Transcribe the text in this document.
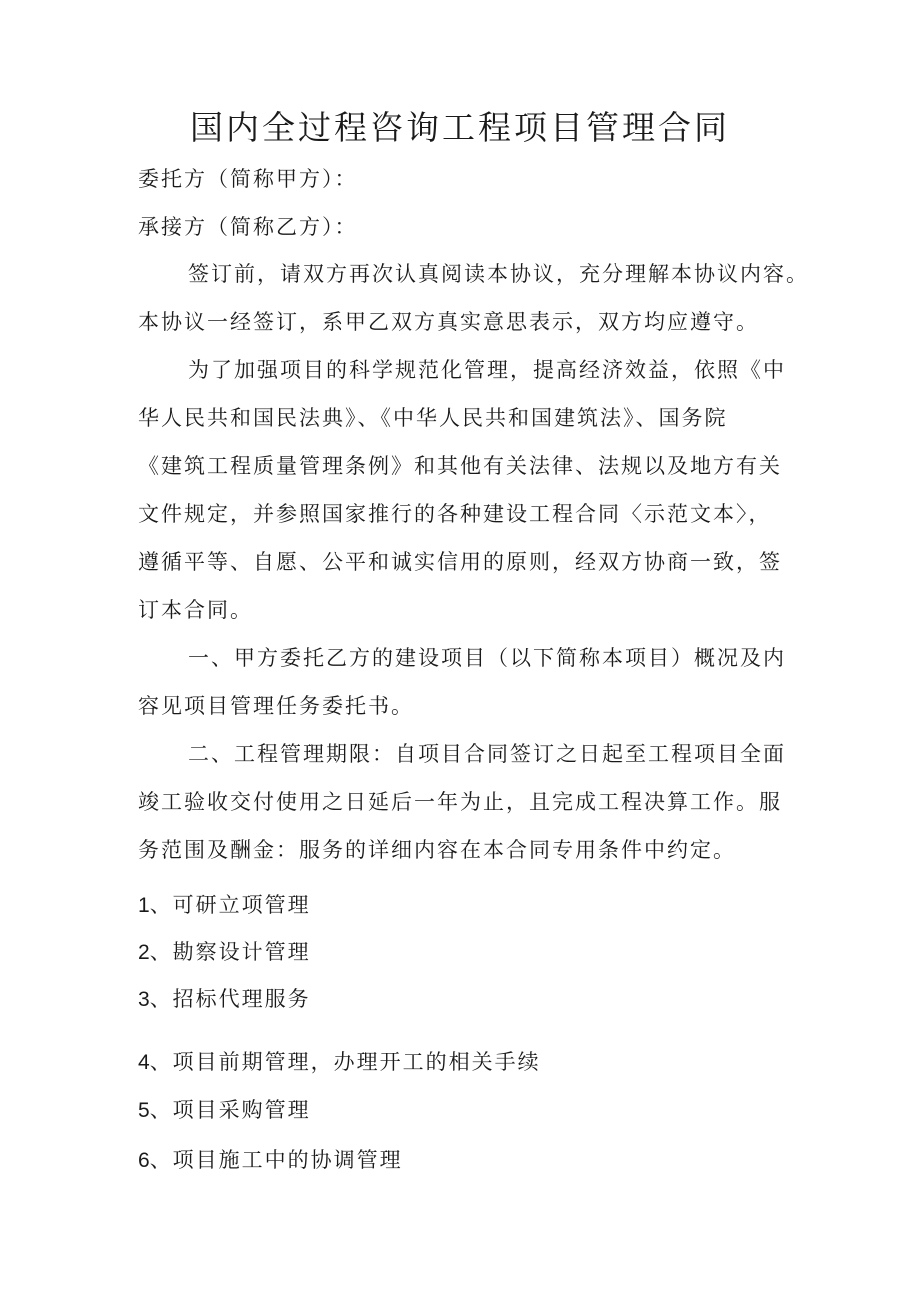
国内全过程咨询工程项目管理合同
委托方（简称甲方）：
承接方（简称乙方）：
签订前，请双方再次认真阅读本协议，充分理解本协议内容。
本协议一经签订，系甲乙双方真实意思表示，双方均应遵守。
为了加强项目的科学规范化管理，提高经济效益，依照《中
华人民共和国民法典》、《中华人民共和国建筑法》、国务院
《建筑工程质量管理条例》和其他有关法律、法规以及地方有关
文件规定，并参照国家推行的各种建设工程合同〈示范文本〉，
遵循平等、自愿、公平和诚实信用的原则，经双方协商一致，签
订本合同。
一、甲方委托乙方的建设项目（以下简称本项目）概况及内
容见项目管理任务委托书。
二、工程管理期限：自项目合同签订之日起至工程项目全面
竣工验收交付使用之日延后一年为止，且完成工程决算工作。服
务范围及酬金：服务的详细内容在本合同专用条件中约定。
1、可研立项管理
2、勘察设计管理
3、招标代理服务
4、项目前期管理，办理开工的相关手续
5、项目采购管理
6、项目施工中的协调管理
